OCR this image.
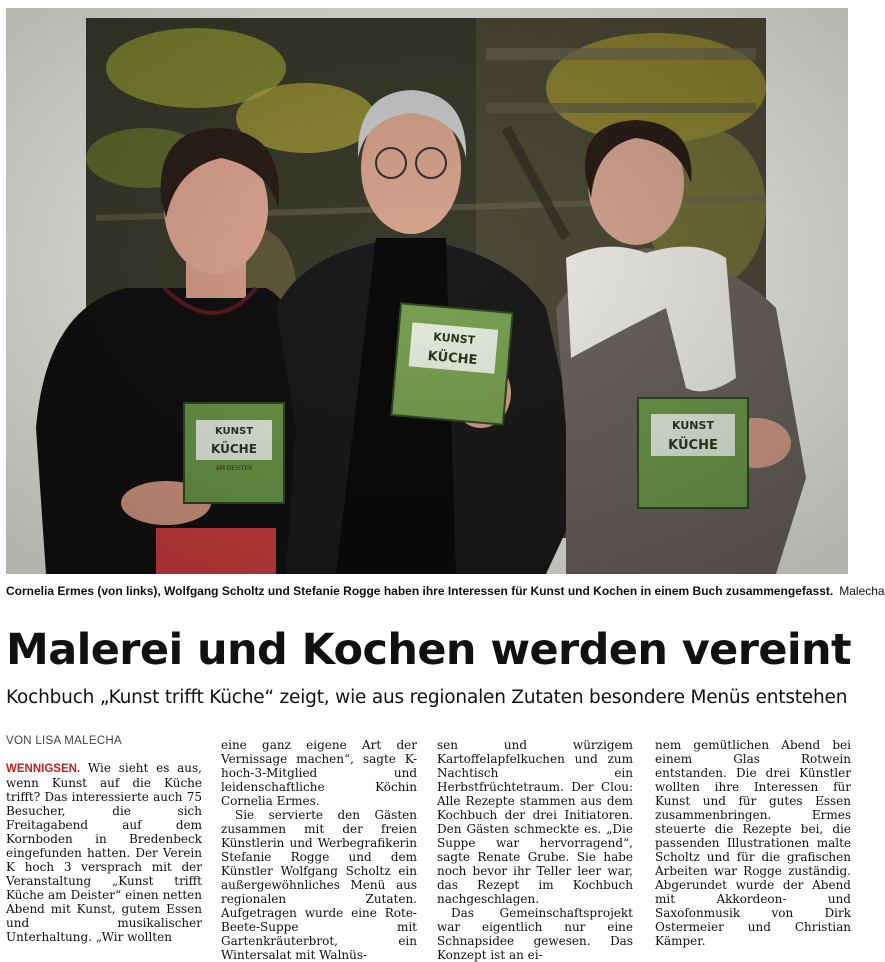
Cornelia Ermes (von links), Wolfgang Scholtz und Stefanie Rogge haben ihre Interessen für Kunst und Kochen in einem Buch zusammengefasst. Malecha
Malerei und Kochen werden vereint
Kochbuch „Kunst trifft Küche“ zeigt, wie aus regionalen Zutaten besondere Menüs entstehen
VON LISA MALECHA

WENNIGSEN. Wie sieht es aus, wenn Kunst auf die Küche trifft? Das interessierte auch 75 Besucher, die sich Freitagabend auf dem Kornboden in Bredenbeck eingefunden hatten. Der Verein K hoch 3 versprach mit der Veranstaltung „Kunst trifft Küche am Deister“ einen netten Abend mit Kunst, gutem Essen und musikalischer Unterhaltung. „Wir wollten

eine ganz eigene Art der Vernissage machen“, sagte K-hoch-3-Mitglied und leidenschaftliche Köchin Cornelia Ermes.

Sie servierte den Gästen zusammen mit der freien Künstlerin und Werbegrafikerin Stefanie Rogge und dem Künstler Wolfgang Scholtz ein außergewöhnliches Menü aus regionalen Zutaten. Aufgetragen wurde eine Rote-Beete-Suppe mit Gartenkräuterbrot, ein Wintersalat mit Walnüs-

sen und würzigem Kartoffelapfelkuchen und zum Nachtisch ein Herbstfrüchtetraum. Der Clou: Alle Rezepte stammen aus dem Kochbuch der drei Initiatoren. Den Gästen schmeckte es. „Die Suppe war hervorragend“, sagte Renate Grube. Sie habe noch bevor ihr Teller leer war, das Rezept im Kochbuch nachgeschlagen.

Das Gemeinschaftsprojekt war eigentlich nur eine Schnapsidee gewesen. Das Konzept ist an ei-

nem gemütlichen Abend bei einem Glas Rotwein entstanden. Die drei Künstler wollten ihre Interessen für Kunst und für gutes Essen zusammenbringen. Ermes steuerte die Rezepte bei, die passenden Illustrationen malte Scholtz und für die grafischen Arbeiten war Rogge zuständig. Abgerundet wurde der Abend mit Akkordeon- und Saxofonmusik von Dirk Ostermeier und Christian Kämper.
